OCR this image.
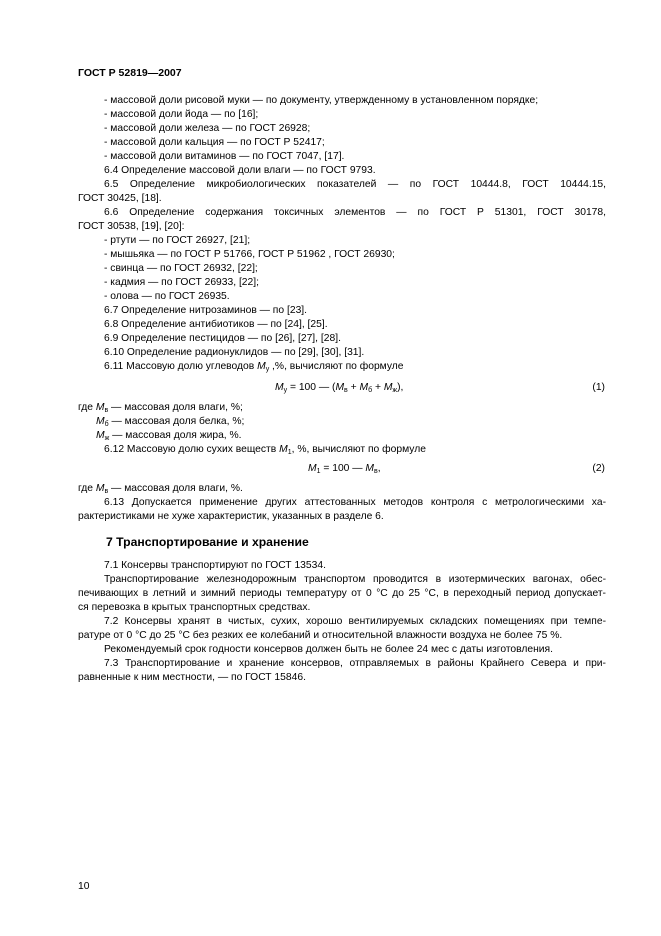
ГОСТ Р 52819—2007
- массовой доли рисовой муки — по документу, утвержденному в установленном порядке;
- массовой доли йода — по [16];
- массовой доли железа — по ГОСТ 26928;
- массовой доли кальция — по ГОСТ Р 52417;
- массовой доли витаминов — по ГОСТ 7047, [17].
6.4 Определение массовой доли влаги — по ГОСТ 9793.
6.5 Определение микробиологических показателей — по ГОСТ 10444.8, ГОСТ 10444.15,
ГОСТ 30425, [18].
6.6 Определение содержания токсичных элементов — по ГОСТ Р 51301, ГОСТ 30178,
ГОСТ 30538, [19], [20]:
- ртути — по ГОСТ 26927, [21];
- мышьяка — по ГОСТ Р 51766, ГОСТ Р 51962 , ГОСТ 26930;
- свинца — по ГОСТ 26932, [22];
- кадмия — по ГОСТ 26933, [22];
- олова — по ГОСТ 26935.
6.7 Определение нитрозаминов — по [23].
6.8 Определение антибиотиков — по [24], [25].
6.9 Определение пестицидов — по [26], [27], [28].
6.10 Определение радионуклидов — по [29], [30], [31].
6.11 Массовую долю углеводов $M_у$ ,%, вычисляют по формуле
$M_у = 100$ — $(M_в + M_б + M_ж)$,	(1)
где $M_в$ — массовая доля влаги, %;
$M_б$ — массовая доля белка, %;
$M_ж$ — массовая доля жира, %.
6.12 Массовую долю сухих веществ $M_1$, %, вычисляют по формуле
$M_1 = 100$ — $M_в$,	(2)
где $M_в$ — массовая доля влаги, %.
6.13 Допускается применение других аттестованных методов контроля с метрологическими ха-
рактеристиками не хуже характеристик, указанных в разделе 6.
7 Транспортирование и хранение
7.1 Консервы транспортируют по ГОСТ 13534.
Транспортирование железнодорожным транспортом проводится в изотермических вагонах, обес-
печивающих в летний и зимний периоды температуру от 0 °С до 25 °С, в переходный период допускает-
ся перевозка в крытых транспортных средствах.
7.2 Консервы хранят в чистых, сухих, хорошо вентилируемых складских помещениях при темпе-
ратуре от 0 °С до 25 °С без резких ее колебаний и относительной влажности воздуха не более 75 %.
Рекомендуемый срок годности консервов должен быть не более 24 мес с даты изготовления.
7.3 Транспортирование и хранение консервов, отправляемых в районы Крайнего Севера и при-
равненные к ним местности, — по ГОСТ 15846.
10
